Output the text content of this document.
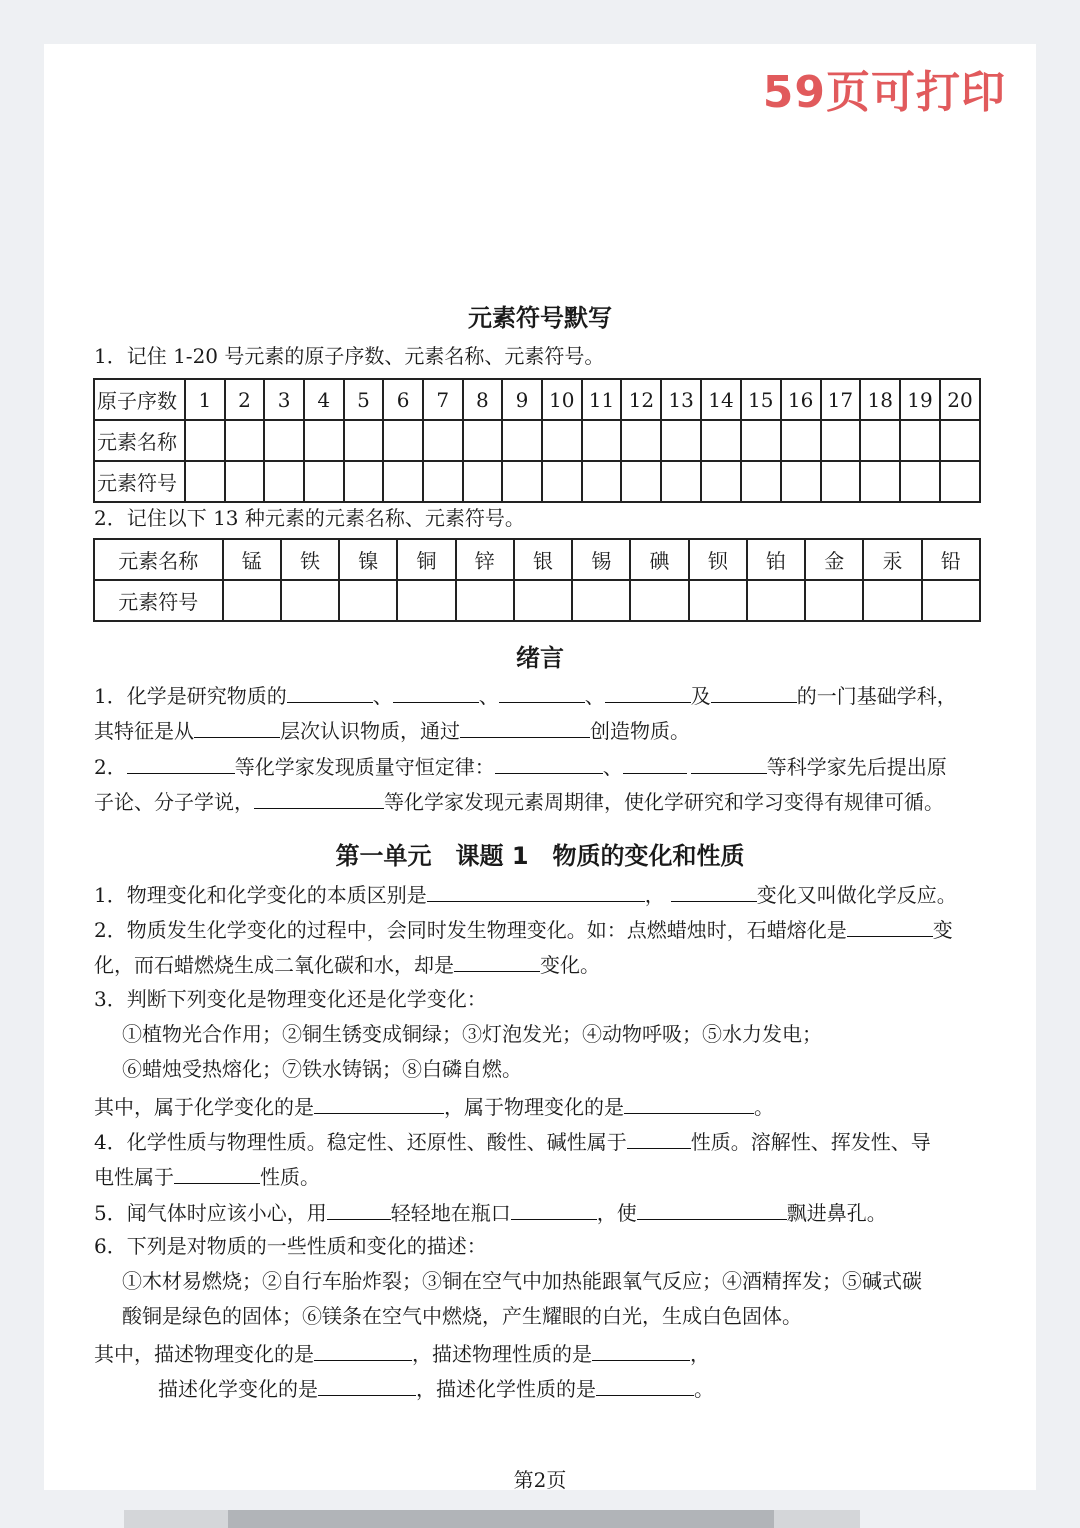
59页可打印
元素符号默写
1．记住 1-20 号元素的原子序数、元素名称、元素符号。
原子序数	1	2	3	4	5	6	7	8	9	10	11	12	13	14	15	16	17	18	19	20
元素名称																				
元素符号																				
2．记住以下 13 种元素的元素名称、元素符号。
元素名称	锰	铁	镍	铜	锌	银	锡	碘	钡	铂	金	汞	铅
元素符号													
绪言
1．化学是研究物质的	、	、	、	及	的一门基础学科，
其特征是从	层次认识物质，通过	创造物质。
2．	等化学家发现质量守恒定律：	、	等科学家先后提出原
子论、分子学说，	等化学家发现元素周期律，使化学研究和学习变得有规律可循。
第一单元　课题 1　物质的变化和性质
1．物理变化和化学变化的本质区别是	，	变化又叫做化学反应。
2．物质发生化学变化的过程中，会同时发生物理变化。如：点燃蜡烛时，石蜡熔化是	变
化，而石蜡燃烧生成二氧化碳和水，却是	变化。
3．判断下列变化是物理变化还是化学变化：
①植物光合作用；②铜生锈变成铜绿；③灯泡发光；④动物呼吸；⑤水力发电；
⑥蜡烛受热熔化；⑦铁水铸锅；⑧白磷自燃。
其中，属于化学变化的是	，属于物理变化的是	。
4．化学性质与物理性质。稳定性、还原性、酸性、碱性属于	性质。溶解性、挥发性、导
电性属于	性质。
5．闻气体时应该小心，用	轻轻地在瓶口	，使	飘进鼻孔。
6．下列是对物质的一些性质和变化的描述：
①木材易燃烧；②自行车胎炸裂；③铜在空气中加热能跟氧气反应；④酒精挥发；⑤碱式碳
酸铜是绿色的固体；⑥镁条在空气中燃烧，产生耀眼的白光，生成白色固体。
其中，描述物理变化的是	，描述物理性质的是	，
描述化学变化的是	，描述化学性质的是	。
第2页
